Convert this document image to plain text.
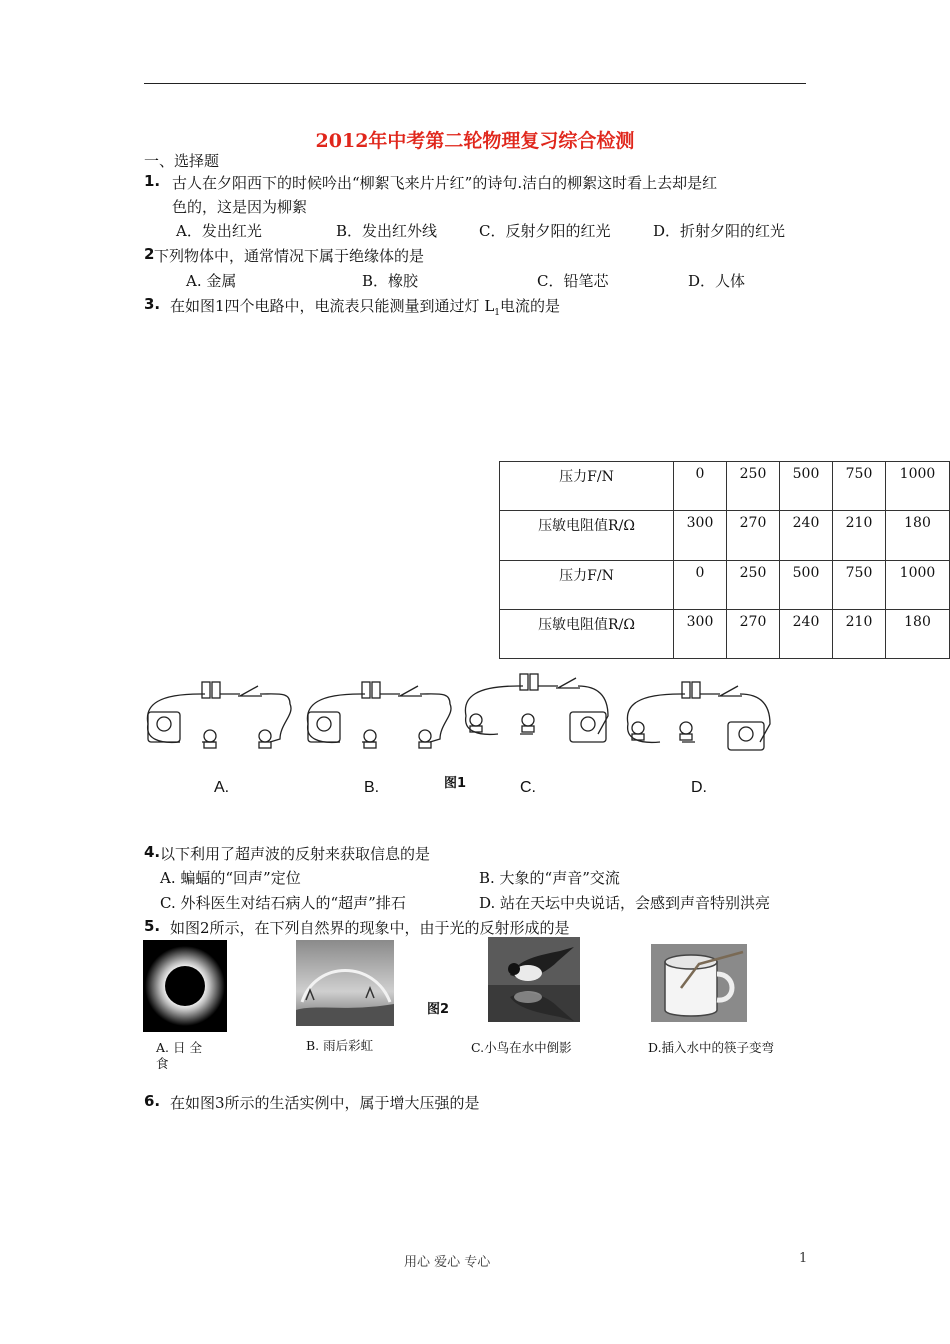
2012年中考第二轮物理复习综合检测
一、选择题
1. 古人在夕阳西下的时候吟出“柳絮飞来片片红”的诗句.洁白的柳絮这时看上去却是红
色的，这是因为柳絮
A．发出红光	B．发出红外线	C．反射夕阳的红光	D．折射夕阳的红光
2 下列物体中，通常情况下属于绝缘体的是
A. 金属	B．橡胶	C．铅笔芯	D．人体
3. 在如图1四个电路中，电流表只能测量到通过灯 $L_1$电流的是
压力F/N	0	250	500	750	1000
压敏电阻值R/Ω	300	270	240	210	180
压力F/N	0	250	500	750	1000
压敏电阻值R/Ω	300	270	240	210	180
图1
A.	B.	C.	D.
4. 以下利用了超声波的反射来获取信息的是
A. 蝙蝠的“回声”定位	B. 大象的“声音”交流
C. 外科医生对结石病人的“超声”排石	D. 站在天坛中央说话，会感到声音特别洪亮
5. 如图2所示，在下列自然界的现象中，由于光的反射形成的是
图2
A. 日 全
食
B. 雨后彩虹	C.小鸟在水中倒影	D.插入水中的筷子变弯
6. 在如图3所示的生活实例中，属于增大压强的是
用心 爱心 专心	1
